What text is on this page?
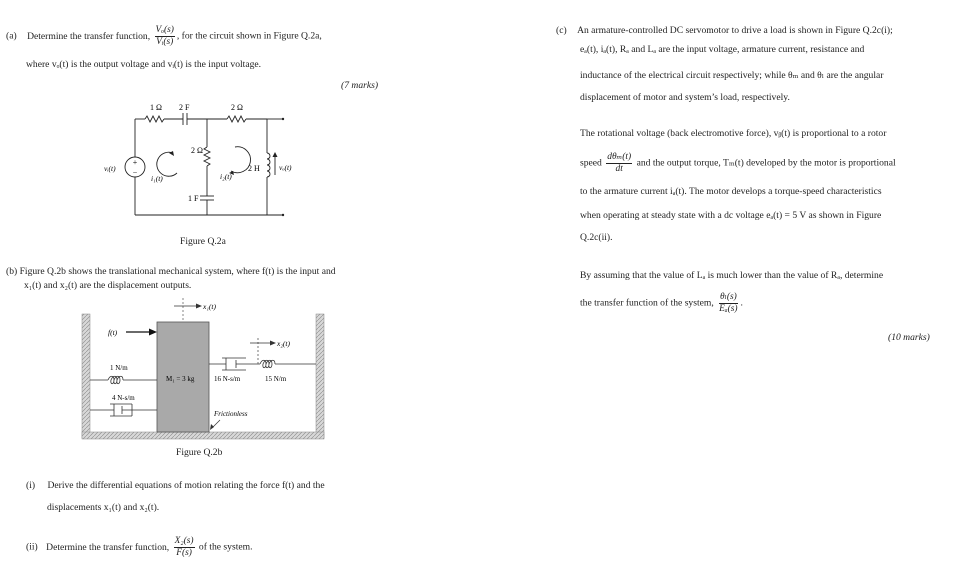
(a) Determine the transfer function, $\frac{\text{Vₒ(s)}}{\text{Vᵢ(s)}}$ , for the circuit shown in Figure Q.2a,
where vₒ(t) is the output voltage and vᵢ(t) is the input voltage.
(7 marks)
+
−
1 Ω 2 F	2 Ω
2 Ω
1 F
2 H
vᵢ(t)
i₁(t)	i₂(t)
vₒ(t)
Figure Q.2a
(b) Figure Q.2b shows the translational mechanical system, where f(t) is the input and
x₁(t) and x₂(t) are the displacement outputs.
x₁(t)
f(t)
x₂(t)
1 N/m
M₁ = 3 kg	16 N-s/m	15 N/m
4 N-s/m
Frictionless
Figure Q.2b
(i) Derive the differential equations of motion relating the force f(t) and the
displacements x₁(t) and x₂(t).
(ii) Determine the transfer function, $\frac{\text{X₂(s)}}{F(s)}$ of the system.
(c) An armature-controlled DC servomotor to drive a load is shown in Figure Q.2c(i);
eₐ(t), iₐ(t), Rₐ and Lₐ are the input voltage, armature current, resistance and
inductance of the electrical circuit respectively; while θₘ and θₗ are the angular
displacement of motor and system’s load, respectively.
The rotational voltage (back electromotive force), vᵦ(t) is proportional to a rotor
speed $\frac{\text{dθₘ(t)}}{dt}$ and the output torque, Tₘ(t) developed by the motor is proportional
to the armature current iₐ(t). The motor develops a torque-speed characteristics
when operating at steady state with a dc voltage eₐ(t) = 5 V as shown in Figure
Q.2c(ii).
By assuming that the value of Lₐ is much lower than the value of Rₐ, determine
the transfer function of the system, $\frac{\text{θₗ(s)}}{\text{Eₐ(s)}}$ .
(10 marks)
